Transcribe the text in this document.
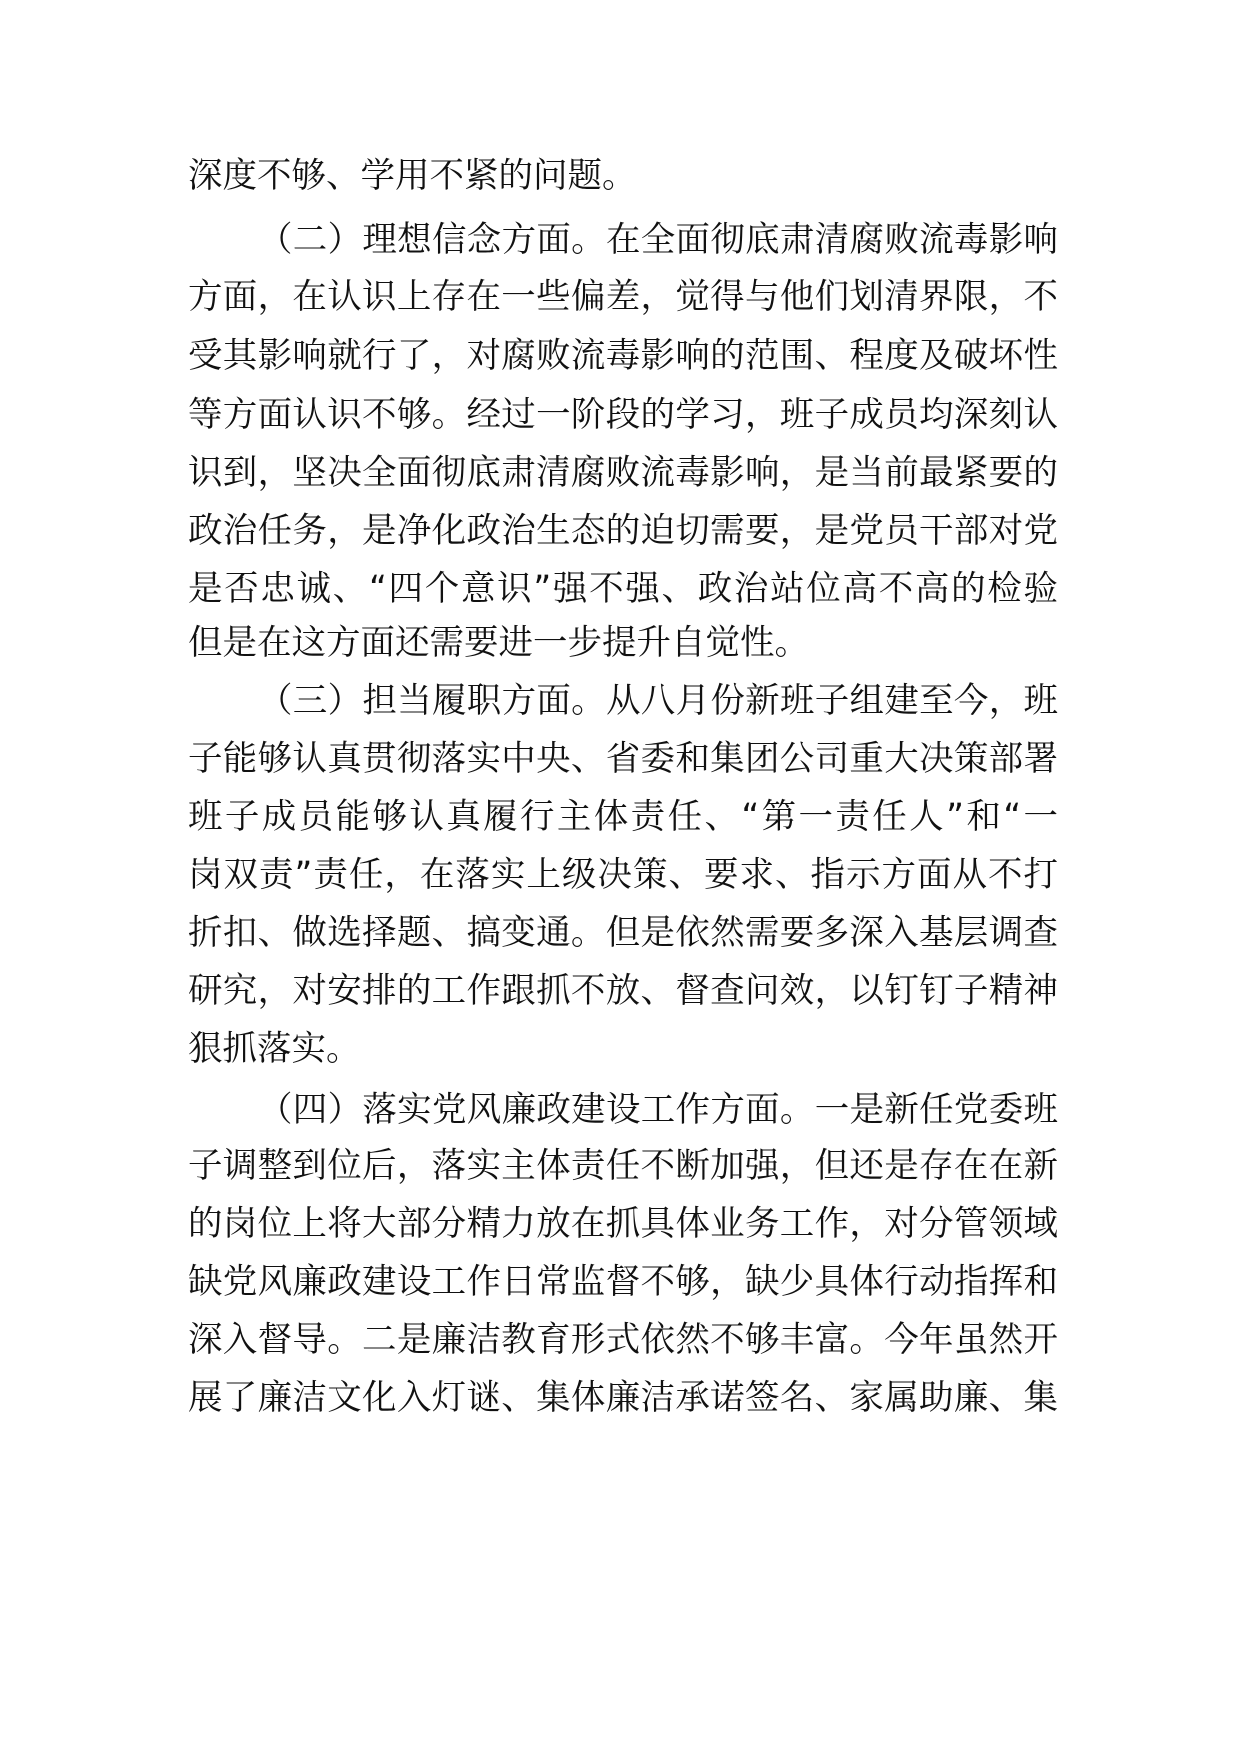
深度不够、学用不紧的问题。
（二）理想信念方面。在全面彻底肃清腐败流毒影响
方面，在认识上存在一些偏差，觉得与他们划清界限，不
受其影响就行了，对腐败流毒影响的范围、程度及破坏性
等方面认识不够。经过一阶段的学习，班子成员均深刻认
识到，坚决全面彻底肃清腐败流毒影响，是当前最紧要的
政治任务，是净化政治生态的迫切需要，是党员干部对党
是否忠诚、“四个意识”强不强、政治站位高不高的检验
但是在这方面还需要进一步提升自觉性。
（三）担当履职方面。从八月份新班子组建至今，班
子能够认真贯彻落实中央、省委和集团公司重大决策部署
班子成员能够认真履行主体责任、“第一责任人”和“一
岗双责”责任，在落实上级决策、要求、指示方面从不打
折扣、做选择题、搞变通。但是依然需要多深入基层调查
研究，对安排的工作跟抓不放、督查问效，以钉钉子精神
狠抓落实。
（四）落实党风廉政建设工作方面。一是新任党委班
子调整到位后，落实主体责任不断加强，但还是存在在新
的岗位上将大部分精力放在抓具体业务工作，对分管领域
缺党风廉政建设工作日常监督不够，缺少具体行动指挥和
深入督导。二是廉洁教育形式依然不够丰富。今年虽然开
展了廉洁文化入灯谜、集体廉洁承诺签名、家属助廉、集
